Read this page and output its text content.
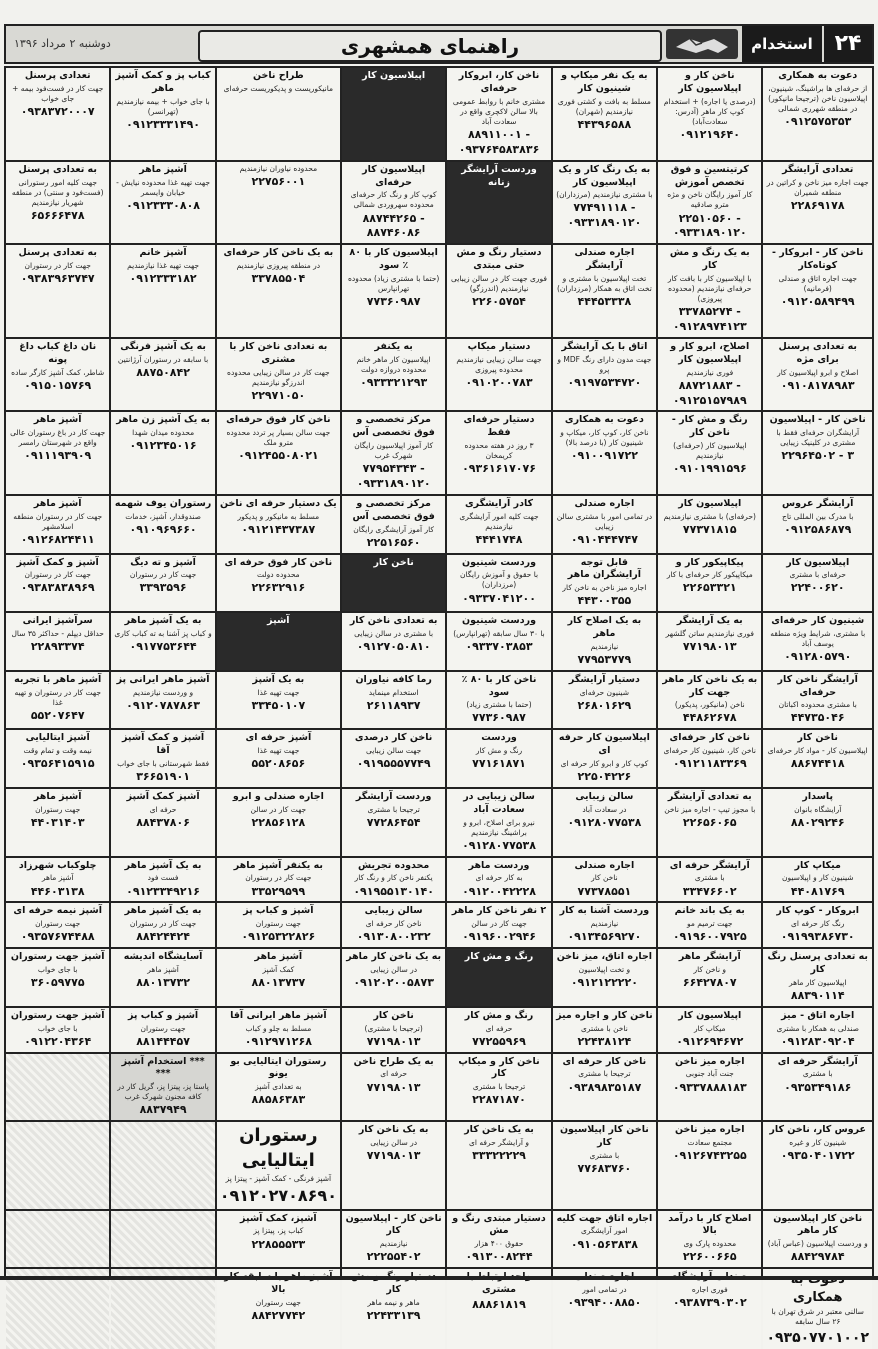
۲۴
استخدام
راهنمای همشهری
دوشنبه ۲ مرداد ۱۳۹۶
دعوت به همکاری
از حرفه‌ای ها براشینگ، شینیون، اپیلاسیون ناخن (ترجیحا مانیکور) در منطقه شهرری شمالی
۰۹۱۲۵۷۵۳۵۳
ناخن کار و اپیلاسیون کار
(درصدی یا اجاره) + استخدام کوپ کار ماهر (آدرس: سعادت‌آباد)
۰۹۱۲۱۹۶۴۰
به یک نفر میکاپ و شینیون کار
مسلط به بافت و کشتی فوری نیازمندیم (شهران)
۴۴۳۹۶۵۸۸
ناخن کار، ابروکار حرفه‌ای
مشتری خانم با روابط عمومی بالا سالن لاکچری واقع در سعادت آباد
۸۸۹۱۱۰۰۱ - ۰۹۳۷۶۴۵۸۳۸۳۶
اپیلاسیون کار
طراح ناخن
مانیکوریست و پدیکوریست حرفه‌ای
کباب پز و کمک آشپز ماهر
با جای خواب + بیمه نیازمندیم (تهرانسر)
۰۹۱۲۳۳۳۱۴۹۰
تعدادی پرسنل
جهت کار در فست‌فود بیمه + جای خواب
۰۹۳۸۳۷۲۰۰۰۷
تعدادی آرایشگر
جهت اجاره میز ناخن و کراتین در منطقه شمیران
۲۲۸۶۹۱۷۸
کرتیتسین و فوق تخصص آموزش
کار آموز رایگان ناخن و مژه مترو صادقیه
۲۲۵۱۰۵۶۰ - ۰۹۳۳۱۸۹۰۱۲۰
به یک رنگ کار و یک اپیلاسیون کار
با مشتری نیازمندیم (مرزداران)
۷۷۴۹۱۱۱۸ - ۰۹۳۳۱۸۹۰۱۲۰
وردست آرایشگر زنانه
اپیلاسیون کار حرفه‌ای
کوپ کار و رنگ کار حرفه‌ای محدوده سهروردی شمالی
۸۸۷۴۴۲۶۵ - ۸۸۷۴۶۰۸۶
محدوده نیاوران نیازمندیم
۲۲۷۵۶۰۰۱
آشپز ماهر
جهت تهیه غذا محدوده نیایش - خیابان وایسمر
۰۹۱۲۳۳۳۰۸۰۸
به تعدادی پرسنل
جهت کلیه امور رستورانی (فست‌فود و سنتی) در منطقه شهریار نیازمندیم
۶۵۶۶۶۴۷۸
ناخن کار - ابروکار - کوتاه‌کار
جهت اجاره اتاق و صندلی (فرمانیه)
۰۹۱۲۰۵۸۹۴۹۹
به یک رنگ و مش کار
با اپیلاسیون کار با بافت کار حرفه‌ای نیازمندیم (محدوده پیروزی)
۳۳۷۸۵۲۷۴ - ۰۹۱۲۸۹۷۴۱۲۳
اجاره صندلی آرایشگر
تخت اپیلاسیون با مشتری و تخت اتاق به همکار (مرزداران)
۴۴۴۵۳۳۳۸
دستیار رنگ و مش حتی مبتدی
فوری جهت کار در سالن زیبایی نیازمندیم (اندرزگو)
۲۲۶۰۵۷۵۴
اپیلاسیون کار با ۸۰ ٪ سود
(حتما با مشتری زیاد) محدوده تهرانپارس
۷۷۳۶۰۹۸۷
به یک ناخن کار حرفه‌ای
در منطقه پیروزی نیازمندیم
۳۳۷۸۵۵۰۴
آشپز خانم
جهت تهیه غذا نیازمندیم
۰۹۱۲۳۳۳۱۸۲
به تعدادی پرسنل
جهت کار در رستوران
۰۹۳۸۳۹۶۳۷۴۷
به تعدادی پرسنل برای مژه
اصلاح و ابرو اپیلاسیون کار
۰۹۱۰۸۱۷۸۹۸۳
اصلاح، ابرو کار و اپیلاسیون کار
فوری نیازمندیم
۸۸۷۲۱۸۸۳ - ۰۹۱۲۵۱۵۷۹۸۹
اتاق با یک آرایشگر
جهت مدون دارای رنگ MDF و پرو
۰۹۱۹۷۵۳۴۷۲۰
دستیار میکاپ
جهت سالن زیبایی نیازمندیم محدوده پیروزی
۰۹۱۰۲۰۰۷۸۳
به یکنفر
اپیلاسیون کار ماهر خانم محدوده دروازه دولت
۰۹۳۳۳۲۱۲۹۳
به تعدادی ناخن کار با مشتری
جهت کار در سالن زیبایی محدوده اندرزگو نیازمندیم
۲۲۹۷۱۰۵۰
به یک آشپز فرنگی
با سابقه در رستوران آرژانتین
۸۸۷۵۰۸۴۲
نان داغ کباب داغ پونه
شاطر، کمک آشپز کارگر ساده
۰۹۱۵۰۱۵۷۶۹
ناخن کار - اپیلاسیون
آرایشگران حرفه‌ای فقط با مشتری در کلینیک زیبایی
۲۲۹۶۴۵۰۲ - ۳
رنگ و مش کار - ناخن کار
اپیلاسیون کار (حرفه‌ای) نیازمندیم
۰۹۱۰۱۹۹۱۵۹۶
دعوت به همکاری
ناخن کار، کوپ کار، میکاپ و شینیون کار (با درصد بالا)
۰۹۱۰۰۹۱۷۲۲
دستیار حرفه‌ای فقط
۳ روز در هفته محدوده کریمخان
۰۹۳۶۱۶۱۷۰۷۶
مرکز تخصصی و فوق تخصصی آس
کار آموز اپیلاسیون رایگان شهرک غرب
۷۷۹۵۴۳۴۳ - ۰۹۳۳۱۸۹۰۱۲۰
ناخن کار فوق حرفه‌ای
جهت سالن بسیار پر تردد محدوده مترو ملک
۰۹۱۲۴۵۵۰۸۰۲۱
به یک آشپز زن ماهر
محدوده میدان شهدا
۰۹۱۲۳۴۵۰۱۶
آشپز ماهر
جهت کار در باغ رستوران عالی واقع در شهرستان رامسر
۰۹۱۱۱۹۳۹۰۹
آرایشگر عروس
با مدرک بین المللی تاج
۰۹۱۲۵۸۶۸۷۹
اپیلاسیون کار
(حرفه‌ای) با مشتری نیازمندیم
۷۷۳۷۱۸۱۵
اجاره صندلی
در تمامی امور با مشتری سالن زیبایی
۰۹۱۰۴۴۴۷۴۷
کادر آرایشگری
جهت کلیه امور آرایشگری نیازمندیم
۴۴۴۱۷۴۸
مرکز تخصصی و فوق تخصصی آس
کار آموز آرایشگری رایگان
۲۲۵۱۶۵۶۰
یک دستیار حرفه ای ناخن
مسلط به مانیکور و پدیکور
۰۹۱۲۱۴۳۷۳۸۷
رستوران یوف شهمه
صندوقدار، آشپز، خدمات
۰۹۱۰۹۶۹۶۶۰
آشپز ماهر
جهت کار در رستوران منطقه اسلامشهر
۰۹۱۲۶۸۲۴۴۱۱
اپیلاسیون کار
حرفه‌ای با مشتری
۲۲۴۰۰۶۲۰
پیکاپیکور کار و
میکاپیکور کار حرفه‌ای با کار
۲۲۶۵۳۳۲۱
قابل توجه آرایشگران ماهر
اجاره میز ناخن به ناخن کار
۴۴۳۰۰۳۵۵
وردست شینیون
با حقوق و آموزش رایگان (مرزداران)
۰۹۳۳۷۰۴۱۲۰۰
ناخن کار
ناخن کار فوق حرفه ای
محدوده دولت
۲۲۶۳۲۹۱۶
آشپز و ته دیگ
جهت کار در رستوران
۳۳۹۳۵۹۶
آشپز و کمک آشپز
جهت کار در رستوران
۰۹۳۸۳۸۳۸۹۶۹
شینیون کار حرفه‌ای
با مشتری، شرایط ویژه منطقه یوسف آباد
۰۹۱۲۸۰۵۷۹۰
به یک آرایشگر
فوری نیازمندیم ساتن گلشهر
۷۷۱۹۸۰۱۳
به یک اصلاح کار ماهر
نیازمندیم
۷۷۹۵۳۷۷۹
وردست شینیون
با ۳۰ سال سابقه (تهرانپارس)
۰۹۳۳۷۰۳۸۵۳
به تعدادی ناخن کار
با مشتری در سالن زیبایی
۰۹۱۲۷۰۵۰۸۱۰
آشپز
به یک آشپز ماهر
و کباب پز آشنا به ته کباب کاری
۰۹۱۷۷۵۳۶۴۴
سرآشپز ایرانی
حداقل دیپلم - حداکثر ۳۵ سال
۲۲۸۹۳۳۷۴
آرایشگر ناخن کار حرفه‌ای
با مشتری محدوده اکباتان
۴۴۷۳۵۰۴۶
به یک ناخن کار ماهر جهت کار
ناخن (مانیکور، پدیکور)
۴۴۸۶۲۶۷۸
دستیار آرایشگر
شینیون حرفه‌ای
۲۶۸۰۱۶۲۹
ناخن کار با ۸۰ ٪ سود
(حتما با مشتری زیاد)
۷۷۳۶۰۹۸۷
رما کافه نیاوران
استخدام مینماید
۲۶۱۱۸۹۳۷
به یک آشپز
جهت تهیه غذا
۳۳۴۵۰۱۰۷
آشپز ماهر ایرانی پز
و وردست نیازمندیم
۰۹۱۲۰۷۸۷۸۶۳
آشپز ماهر با تجربه
جهت کار در رستوران و تهیه غذا
۵۵۲۰۷۶۴۷
ناخن کار
اپیلاسیون کار - مواد کار حرفه‌ای
۸۸۶۷۴۴۱۸
ناخن کار حرفه‌ای
ناخن کار، شینیون کار حرفه‌ای
۰۹۱۲۱۱۸۳۳۶۹
اپیلاسیون کار حرفه ای
کوپ کار و ابرو کار حرفه ای
۲۲۵۰۴۲۲۶
وردست
رنگ و مش کار
۷۷۱۶۱۸۷۱
ناخن کار درصدی
جهت سالن زیبایی
۰۹۱۹۵۵۵۷۷۴۹
آشپز حرفه ای
جهت تهیه غذا
۵۵۲۰۸۶۵۶
آشپز و کمک آشپز آقا
فقط شهرستانی با جای خواب
۳۶۶۵۱۹۰۱
آشپز ایتالیایی
نیمه وقت و تمام وقت
۰۹۳۵۶۴۱۵۹۱۵
پاسدار
آرایشگاه بانوان
۸۸۰۲۹۲۴۶
به تعدادی آرایشگر
با مجوز تیپ - اجاره میز ناخن
۲۲۶۵۶۰۶۵
سالن زیبایی
در سعادت آباد
۰۹۱۲۸۰۷۷۵۳۸
سالن زیبایی در سعادت آباد
نیرو برای اصلاح، ابرو و براشینگ نیازمندیم
۰۹۱۲۸۰۷۷۵۳۸
وردست آرایشگر
ترجیحا با مشتری
۷۷۲۸۶۴۵۴
اجاره صندلی و ابرو
جهت کار در سالن
۲۲۸۵۶۱۲۸
آشپز کمک آشپز
حرفه ای
۸۸۴۳۷۸۰۶
آشپز ماهر
جهت رستوران
۴۴۰۳۱۴۰۳
میکاپ کار
شینیون کار و اپیلاسیون
۴۴۰۸۱۷۶۹
آرایشگر حرفه ای
با مشتری
۳۳۴۷۶۶۰۲
اجاره صندلی
ناخن کار
۷۷۳۷۸۵۵۱
وردست ماهر
به کار حرفه ای
۰۹۱۲۰۰۴۲۲۲۸
محدوده تجریش
یکنفر ناخن کار و رنگ کار
۰۹۱۹۵۵۱۳۰۱۴۰
به یکنفر آشپز ماهر
جهت کار در رستوران
۳۳۵۲۹۵۹۹
به یک آشپز ماهر
فست فود
۰۹۱۲۳۳۴۹۲۱۶
چلوکباب شهرزاد
آشپز ماهر
۴۴۶۰۳۱۳۸
ابروکار - کوپ کار
رنگ کار حرفه ای
۰۹۱۹۹۳۸۶۷۳۰
به یک باند خانم
جهت ترمیم مو
۰۹۱۹۶۰۰۷۹۲۵
وردست آشنا به کار
نیازمندیم
۰۹۱۳۴۵۶۹۲۷۰
۲ نفر ناخن کار ماهر
جهت کار در سالن
۰۹۱۹۶۰۰۲۹۴۶
سالن زیبایی
ناخن کار حرفه ای
۰۹۱۳۰۸۰۰۲۳۲
آشپز و کباب پز
جهت رستوران
۰۹۱۲۵۳۲۲۸۲۶
به یک آشپز ماهر
جهت کار در رستوران
۸۸۴۲۴۴۲۴
آشپز نیمه حرفه ای
جهت رستوران
۰۹۳۵۷۶۷۴۴۸۸
به تعدادی پرسنل رنگ کار
اپیلاسیون کار ماهر
۸۸۳۹۰۱۱۴
آرایشگر ماهر
و ناخن کار
۶۶۴۲۷۸۰۷
اجاره اتاق، میز ناخن
و تخت اپیلاسیون
۰۹۱۲۱۲۲۲۲۰
رنگ و مش کار
به یک ناخن کار ماهر
در سالن زیبایی
۰۹۱۲۰۲۰۰۵۸۷۳
آشپز ماهر
کمک آشپز
۸۸۰۱۳۷۳۷
آسایشگاه اندیشه
آشپز ماهر
۸۸۰۱۳۷۳۲
آشپز جهت رستوران
با جای خواب
۳۶۰۵۹۷۷۵
اجاره اتاق - میز
صندلی به همکار با مشتری
۰۹۱۲۸۳۰۹۲۰۴
اپیلاسیون کار
میکاپ کار
۰۹۱۲۶۹۴۶۷۲
ناخن کار و اجاره میز
ناخن با مشتری
۲۲۴۳۸۱۲۴
رنگ و مش کار
حرفه ای
۷۷۲۵۵۹۶۹
ناخن کار
(ترجیحا با مشتری)
۷۷۱۹۸۰۱۳
آشپز ماهر ایرانی آقا
مسلط به چلو و کباب
۰۹۱۲۹۷۱۲۶۸
آشپز و کباب پز
جهت رستوران
۸۸۱۴۴۴۵۷
آشپز جهت رستوران
با جای خواب
۰۹۱۲۲۰۴۳۶۴
آرایشگر حرفه ای
با مشتری
۰۹۳۵۳۴۹۱۸۶
اجاره میز ناخن
جنت آباد جنوبی
۰۹۳۳۷۸۸۸۱۸۳
ناخن کار حرفه ای
ترجیحا با مشتری
۰۹۳۸۹۸۳۵۱۸۷
ناخن کار و میکاپ کار
ترجیحا با مشتری
۲۲۸۷۱۸۷۰
به یک طراح ناخن
حرفه ای
۷۷۱۹۸۰۱۳
رستوران ایتالیایی بو یونو
به تعدادی آشپز
۸۸۵۸۶۳۸۳
*** استخدام آشپز ***
پاستا پز، پیتزا پز، گریل کار در کافه مجنون شهرک غرب
۸۸۳۷۹۴۹
عروس کار، ناخن کار
شینیون کار و غیره
۰۹۳۵۰۴۰۱۷۲۲
اجاره میز ناخن
مجتمع سعادت
۰۹۱۲۶۷۴۳۲۵۵
ناخن کار اپیلاسیون کار
با مشتری
۷۷۶۸۳۷۶۰
به یک ناخن کار
و آرایشگر حرفه ای
۳۳۳۲۲۲۲۹
به یک ناخن کار
در سالن زیبایی
۷۷۱۹۸۰۱۳
رستوران ایتالیایی
آشپز فرنگی - کمک آشپز - پیتزا پز
۰۹۱۲۰۲۷۰۸۶۹۰
ناخن کار اپیلاسیون کار ماهر
و وردست اپیلاسیون (عباس آباد)
۸۸۴۲۹۷۸۴
اصلاح کار با درآمد بالا
محدوده پارک وی
۲۲۶۰۰۶۶۵
اجاره اتاق جهت کلیه
امور آرایشگری
۰۹۱۰۵۶۳۸۳۸
دستیار مبتدی رنگ و مش
حقوق ۴۰۰ هزار
۰۹۱۳۰۰۸۲۴۴
ناخن کار - اپیلاسیون کار
نیازمندیم
۲۲۲۵۵۴۰۲
آشپز، کمک آشپز
کباب پز، پیتزا پز
۲۲۸۵۵۵۳۳
همکاری
سالنی معتبر در شرق تهران با ۲۶ سال سابقه
۰۹۳۵۰۷۷۰۱۰۰۲
فوری اجاره
۰۹۳۸۷۳۹۰۳۰۲
در تمامی امور
۰۹۳۹۴۰۰۸۸۵۰
مشتری
۸۸۸۶۱۸۱۹
کار
ماهر و نیمه ماهر
۲۲۴۳۳۱۳۹
بالا
جهت رستوران
۸۸۴۲۷۷۴۲
